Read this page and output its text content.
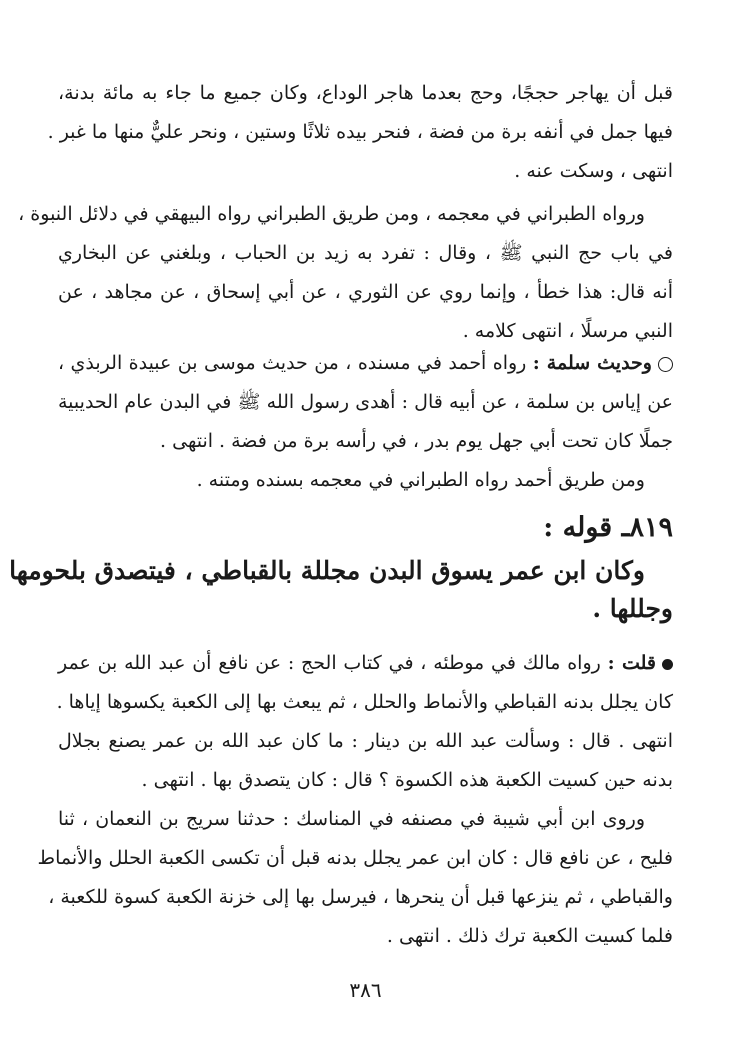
قبل أن يهاجر حججًا، وحج بعدما هاجر الوداع، وكان جميع ما جاء به مائة بدنة،
فيها جمل في أنفه برة من فضة ، فنحر بيده ثلاثًا وستين ، ونحر عليٌّ منها ما غبر .
انتهى ، وسكت عنه .
ورواه الطبراني في معجمه ، ومن طريق الطبراني رواه البيهقي في دلائل النبوة ،
في باب حج النبي ﷺ ، وقال : تفرد به زيد بن الحباب ، وبلغني عن البخاري
أنه قال: هذا خطأ ، وإنما روي عن الثوري ، عن أبي إسحاق ، عن مجاهد ، عن
النبي مرسلًا ، انتهى كلامه .
وحديث سلمة : رواه أحمد في مسنده ، من حديث موسى بن عبيدة الربذي ،
عن إياس بن سلمة ، عن أبيه قال : أهدى رسول الله ﷺ في البدن عام الحديبية
جملًا كان تحت أبي جهل يوم بدر ، في رأسه برة من فضة . انتهى .
ومن طريق أحمد رواه الطبراني في معجمه بسنده ومتنه .
٨١٩ـ قوله :
وكان ابن عمر يسوق البدن مجللة بالقباطي ، فيتصدق بلحومها
وجللها .
قلت : رواه مالك في موطئه ، في كتاب الحج : عن نافع أن عبد الله بن عمر
كان يجلل بدنه القباطي والأنماط والحلل ، ثم يبعث بها إلى الكعبة يكسوها إياها .
انتهى . قال : وسألت عبد الله بن دينار : ما كان عبد الله بن عمر يصنع بجلال
بدنه حين كسيت الكعبة هذه الكسوة ؟ قال : كان يتصدق بها . انتهى .
وروى ابن أبي شيبة في مصنفه في المناسك : حدثنا سريج بن النعمان ، ثنا
فليح ، عن نافع قال : كان ابن عمر يجلل بدنه قبل أن تكسى الكعبة الحلل والأنماط
والقباطي ، ثم ينزعها قبل أن ينحرها ، فيرسل بها إلى خزنة الكعبة كسوة للكعبة ،
فلما كسيت الكعبة ترك ذلك . انتهى .
٣٨٦
